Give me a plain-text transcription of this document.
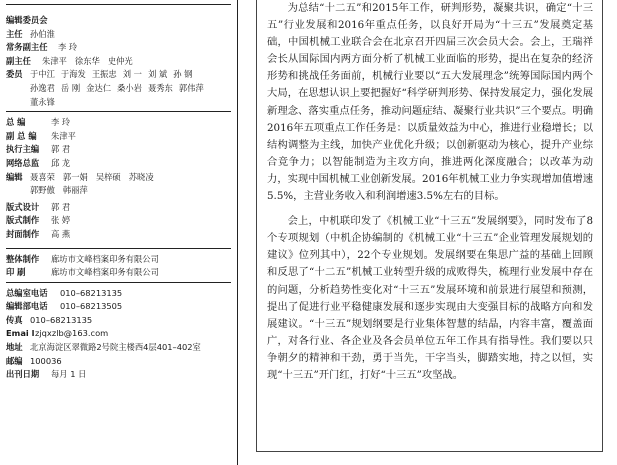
编辑委员会
主任 孙伯淮
常务副主任	李 玲
副主任	朱津平 徐东华 史仲光
委员 于中江 于海发 王振忠 刘 一 刘 斌 孙 钢
孙逸君 岳 刚 金达仁 桑小岩 聂秀东 郭伟萍
董永锋
总 编	李 玲
副 总 编	朱津平
执行主编	郭 君
网络总监	邱 龙
编辑 聂喜荣 郭一娟 吴梓硕 苏晓凌
郭野傲 韩丽萍
版式设计	郭 君
版式制作	张 婷
封面制作	高 燕
整体制作	廊坊市文峰档案印务有限公司
印 刷	廊坊市文峰档案印务有限公司
总编室电话	010–68213135
编辑部电话	010–68213505
传真 010–68213135
Emai l zjqxzlb@163.com
地址 北京海淀区翠微路2号院主楼西4层401–402室
邮编 100036
出刊日期	每月 1 日

为总结“十二五”和2015年工作，研判形势，凝聚共识，确定“十三五”行业发展和2016年重点任务，以良好开局为“十三五”发展奠定基础，中国机械工业联合会在北京召开四届三次会员大会。会上，王瑞祥会长从国际国内两方面分析了机械工业面临的形势，提出在复杂的经济形势和挑战任务面前，机械行业要以“五大发展理念”统筹国际国内两个大局，在思想认识上要把握好“科学研判形势、保持发展定力，强化发展新理念、落实重点任务，推动问题症结、凝聚行业共识”三个要点。明确2016年五项重点工作任务是：以质量效益为中心，推进行业稳增长；以结构调整为主线，加快产业优化升级；以创新驱动为核心，提升产业综合竞争力；以智能制造为主攻方向，推进两化深度融合；以改革为动力，实现中国机械工业创新发展。2016年机械工业力争实现增加值增速5.5%，主营业务收入和利润增速3.5%左右的目标。

会上，中机联印发了《机械工业“十三五”发展纲要》，同时发布了8个专项规划（中机企协编制的《机械工业“十三五”企业管理发展规划的建议》位列其中），22个专业规划。发展纲要在集思广益的基础上回顾和反思了“十二五”机械工业转型升级的成败得失，梳理行业发展中存在的问题，分析趋势性变化对“十三五”发展环境和前景进行展望和预测，提出了促进行业平稳健康发展和逐步实现由大变强目标的战略方向和发展建议。“十三五”规划纲要是行业集体智慧的结晶，内容丰富，覆盖面广，对各行业、各企业及各会员单位五年工作具有指导性。我们要以只争朝夕的精神和干劲，勇于当先，干字当头，脚踏实地，持之以恒，实现“十三五”开门红，打好“十三五”攻坚战。
